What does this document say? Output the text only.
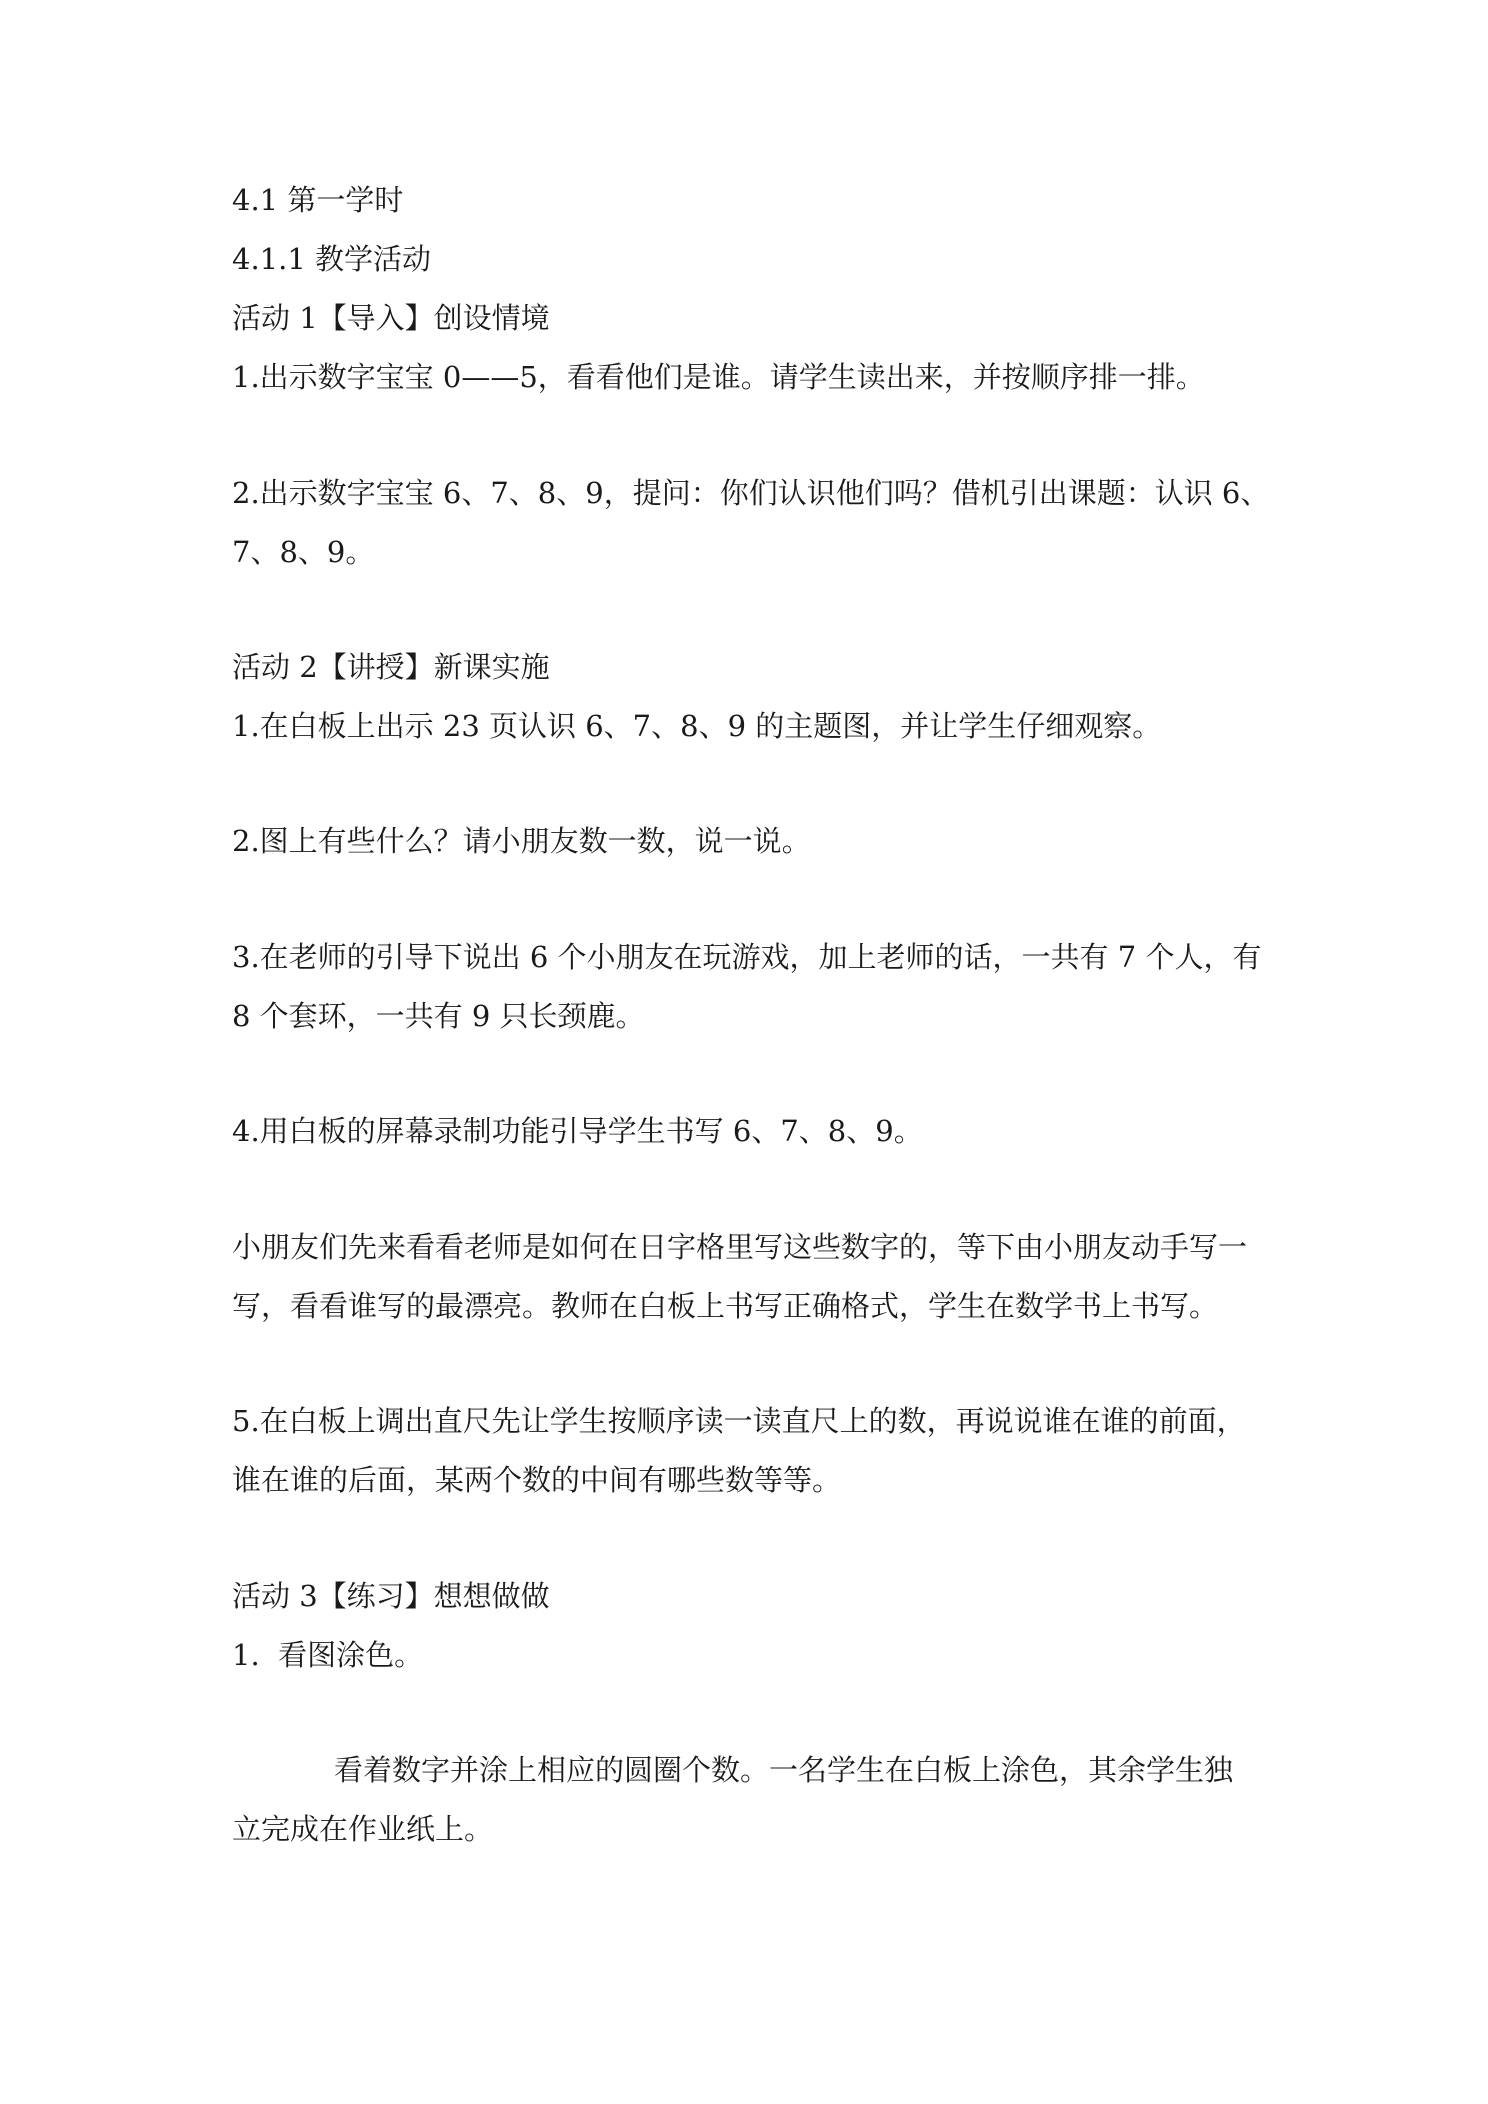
4.1 第一学时
4.1.1 教学活动
活动 1【导入】创设情境
1.出示数字宝宝 0——5，看看他们是谁。请学生读出来，并按顺序排一排。
2.出示数字宝宝 6、7、8、9，提问：你们认识他们吗？借机引出课题：认识 6、
7、8、9。
活动 2【讲授】新课实施
1.在白板上出示 23 页认识 6、7、8、9 的主题图，并让学生仔细观察。
2.图上有些什么？请小朋友数一数，说一说。
3.在老师的引导下说出 6 个小朋友在玩游戏，加上老师的话，一共有 7 个人，有
8 个套环，一共有 9 只长颈鹿。
4.用白板的屏幕录制功能引导学生书写 6、7、8、9。
小朋友们先来看看老师是如何在日字格里写这些数字的，等下由小朋友动手写一
写，看看谁写的最漂亮。教师在白板上书写正确格式，学生在数学书上书写。
5.在白板上调出直尺先让学生按顺序读一读直尺上的数，再说说谁在谁的前面，
谁在谁的后面，某两个数的中间有哪些数等等。
活动 3【练习】想想做做
1.  看图涂色。
看着数字并涂上相应的圆圈个数。一名学生在白板上涂色，其余学生独
立完成在作业纸上。
